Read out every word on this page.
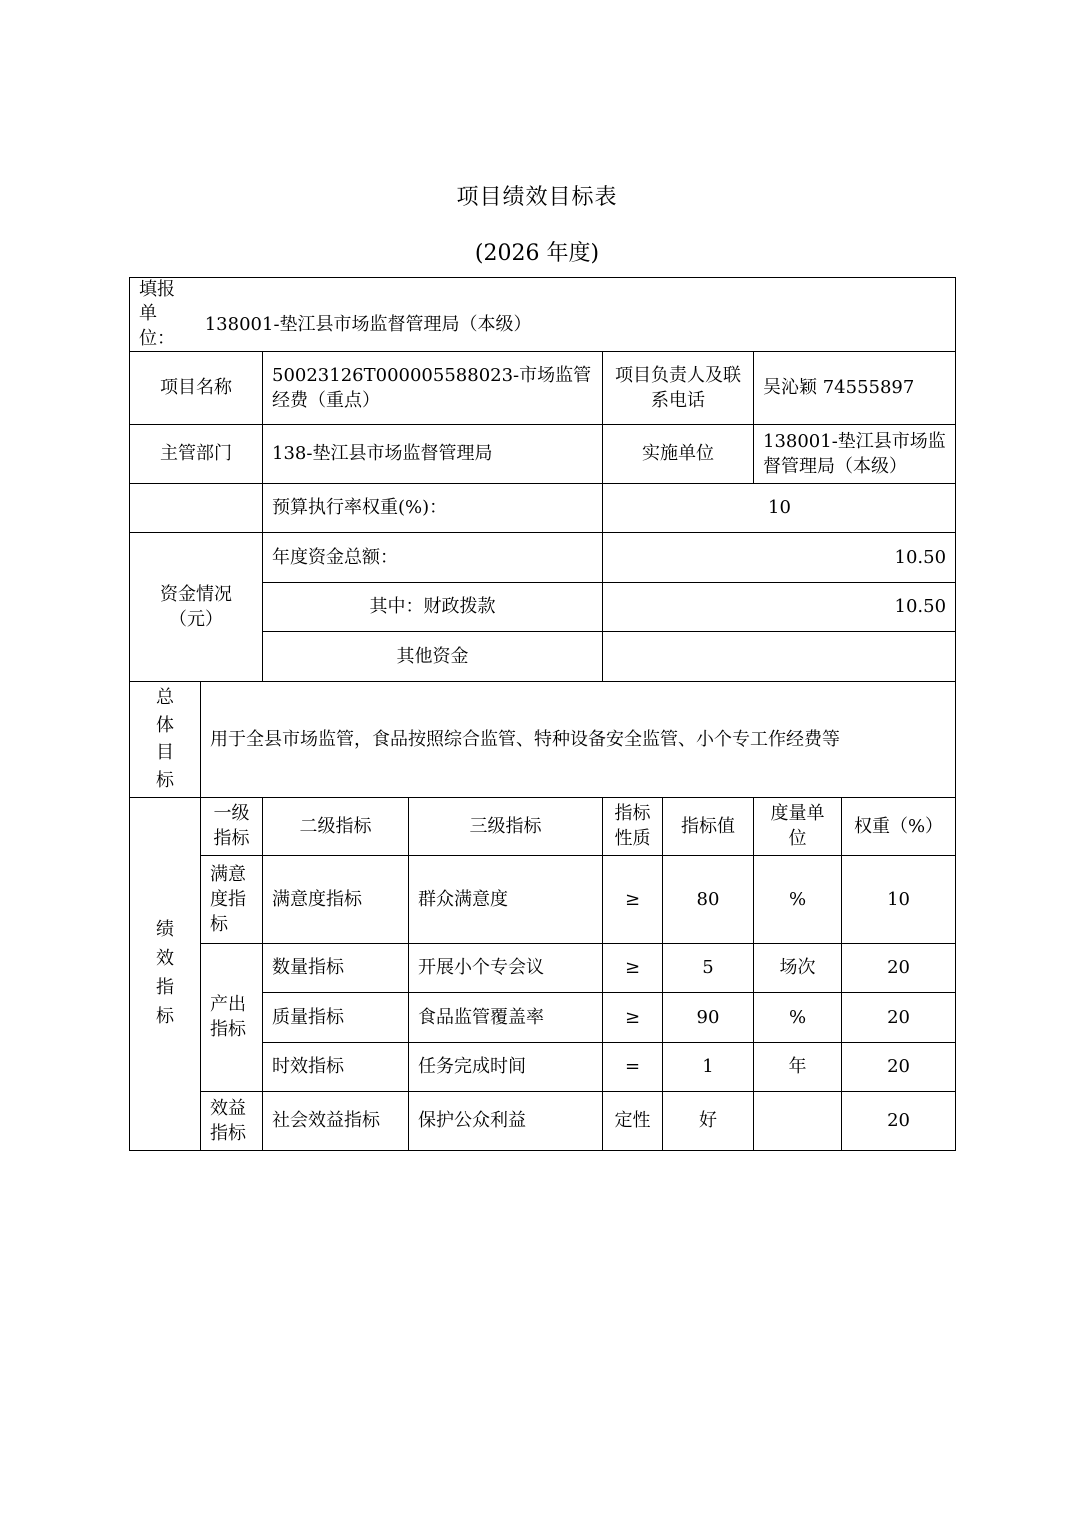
项目绩效目标表
(2026 年度)
填报单位： 138001-垫江县市场监督管理局（本级）							
项目名称		50023126T000005588023-市场监管经费（重点）		项目负责人及联系电话		吴沁颖 74555897	
主管部门		138-垫江县市场监督管理局		实施单位		138001-垫江县市场监督管理局（本级）	
		预算执行率权重(%)：		10			
资金情况（元）		年度资金总额：		10.50			
		其中：财政拨款		10.50			
		其他资金					
总体目标	用于全县市场监管，食品按照综合监管、特种设备安全监管、小个专工作经费等						
绩效指标	一级指标	二级指标	三级指标	指标性质	指标值	度量单位	权重（%）
	满意度指标	满意度指标	群众满意度	≥	80	%	10
	产出指标	数量指标	开展小个专会议	≥	5	场次	20
		质量指标	食品监管覆盖率	≥	90	%	20
		时效指标	任务完成时间	=	1	年	20
	效益指标	社会效益指标	保护公众利益	定性	好		20
